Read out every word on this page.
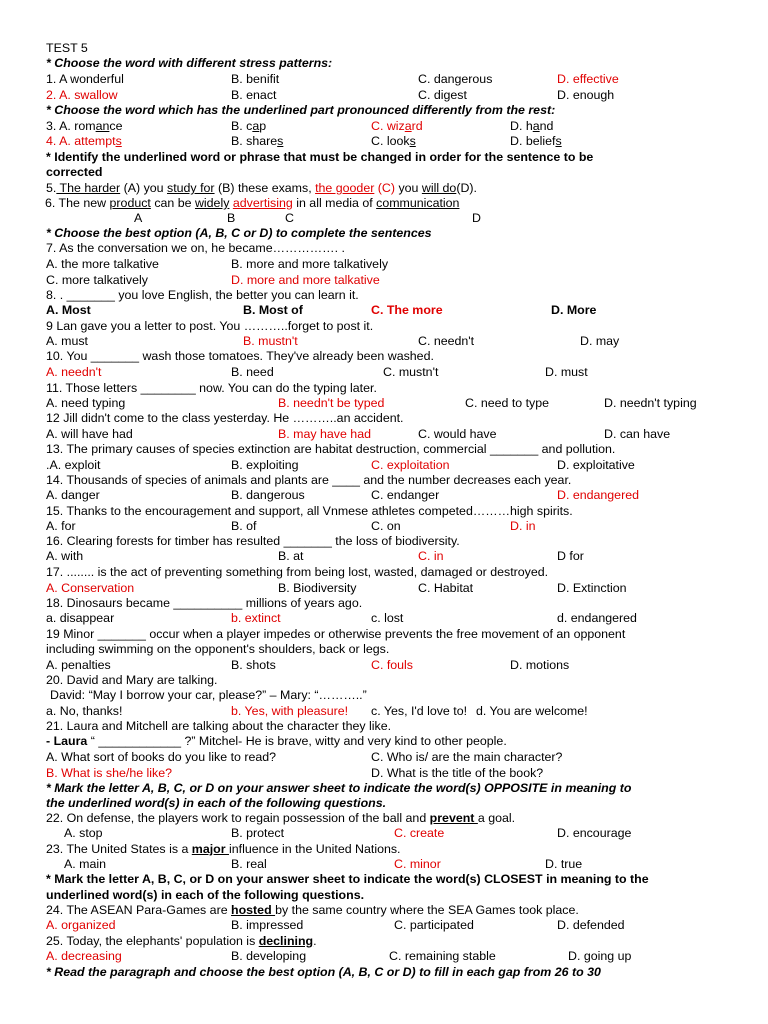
TEST 5
* Choose the word with different stress patterns:
1. A wonderful	B. benifit	C. dangerous	D. effective
2. A. swallow	B. enact	C. digest	D. enough
* Choose the word which has the underlined part pronounced differently from the rest:
3. A. romance	B. cap	C. wizard	D. hand
4. A. attempts	B. shares	C. looks	D. beliefs
* Identify the underlined word or phrase that must be changed in order for the sentence to be
corrected
5. The harder (A) you study for (B) these exams, the gooder (C) you will do(D).
6. The new product can be widely advertising in all media of communication
A	B	C	D
* Choose the best option (A, B, C or D) to complete the sentences
7. As the conversation we on, he became……………. .
A. the more talkative	B. more and more talkatively
C. more talkatively	D. more and more talkative
8. . _______ you love English, the better you can learn it.
A. Most	B. Most of	C. The more	D. More
9 Lan gave you a letter to post. You ………..forget to post it.
A. must	B. mustn't	C. needn't	D. may
10. You _______ wash those tomatoes. They've already been washed.
A. needn't	B. need	C. mustn't	D. must
11. Those letters ________ now. You can do the typing later.
A. need typing	B. needn't be typed	C. need to type	D. needn't typing
12 Jill didn't come to the class yesterday. He ………..an accident.
A. will have had	B. may have had	C. would have	D. can have
13. The primary causes of species extinction are habitat destruction, commercial _______ and pollution.
.A. exploit	B. exploiting	C. exploitation	D. exploitative
14. Thousands of species of animals and plants are ____ and the number decreases each year.
A. danger	B. dangerous	C. endanger	D. endangered
15. Thanks to the encouragement and support, all Vnmese athletes competed………high spirits.
A. for	B. of	C. on	D. in
16. Clearing forests for timber has resulted _______ the loss of biodiversity.
A. with	B. at	C. in	D for
17. ........ is the act of preventing something from being lost, wasted, damaged or destroyed.
A. Conservation	B. Biodiversity	C. Habitat	D. Extinction
18. Dinosaurs became __________ millions of years ago.
a. disappear	b. extinct	c. lost	d. endangered
19 Minor _______ occur when a player impedes or otherwise prevents the free movement of an opponent
including swimming on the opponent's shoulders, back or legs.
A. penalties	B. shots	C. fouls	D. motions
20. David and Mary are talking.
David: “May I borrow your car, please?” – Mary: “………..”
a. No, thanks!	b. Yes, with pleasure! c. Yes, I'd love to! d. You are welcome!
21. Laura and Mitchell are talking about the character they like.
- Laura “ ____________ ?” Mitchel- He is brave, witty and very kind to other people.
A. What sort of books do you like to read?	C. Who is/ are the main character?
B. What is she/he like?	D. What is the title of the book?
* Mark the letter A, B, C, or D on your answer sheet to indicate the word(s) OPPOSITE in meaning to
the underlined word(s) in each of the following questions.
22. On defense, the players work to regain possession of the ball and prevent a goal.
A. stop	B. protect	C. create	D. encourage
23. The United States is a major influence in the United Nations.
A. main	B. real	C. minor	D. true
* Mark the letter A, B, C, or D on your answer sheet to indicate the word(s) CLOSEST in meaning to the
underlined word(s) in each of the following questions.
24. The ASEAN Para-Games are hosted by the same country where the SEA Games took place.
A. organized	B. impressed	C. participated	D. defended
25. Today, the elephants' population is declining.
A. decreasing	B. developing	C. remaining stable	D. going up
* Read the paragraph and choose the best option (A, B, C or D) to fill in each gap from 26 to 30
